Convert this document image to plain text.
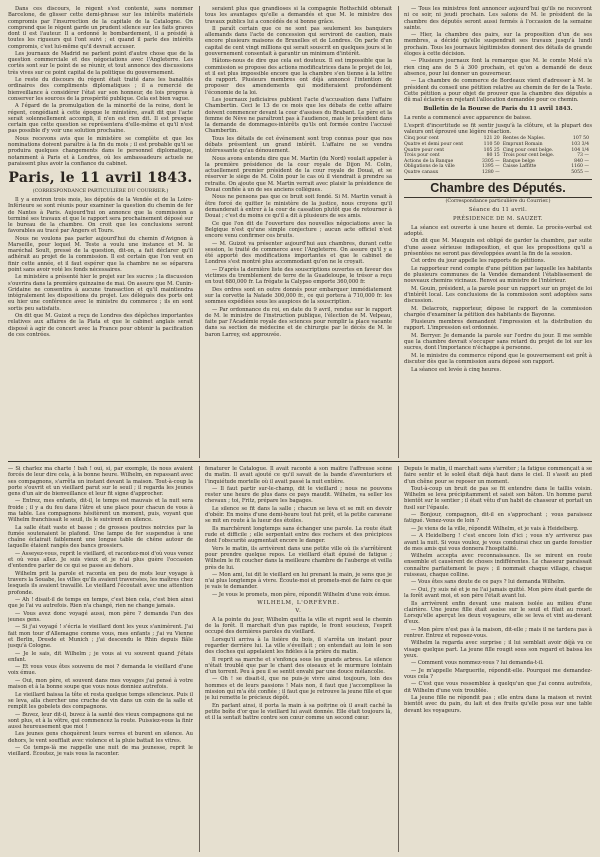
Dans ces discours, le régent s'est contenté, sans nommer Barcelone, de glisser cette demi-phrase sur les intérêts matériels compromis par l'insurrection de la capitale de la Catalogne. On comprend que le régent garde un prudent silence sur les faits graves dont il est l'auteur. Il a ordonné le bombardement, il a présidé à toutes les rigueurs qui l'ont suivi ; et quand il parle des intérêts compromis, c'est lui-même qu'il devrait accuser.

Les journaux de Madrid ne parlent point d'autre chose que de la question commerciale et des négociations avec l'Angleterre. Les cortès sont sur le point de se réunir, et tout annonce des discussions très vives sur ce point capital de la politique du gouvernement.

Le reste du discours du régent était traité dans les banalités ordinaires des compliments diplomatiques ; il a remercié de bienveillance à considérer l'état sur son honneur, de lois propres à conserver les sources de la prospérité publique. Cela est bien vague.

A l'égard de la promulgation de la minorité de la reine, dont le régent, congédiant à cette époque le ministère, avait dit que l'acte serait solennellement accompli, il n'en est rien dit. Il est presque certain que cette question se représentera d'elle-même et qu'il n'est pas possible d'y voir une solution prochaine.

Nous recevons avis que le ministère se complète et que les nominations doivent paraître à la fin du mois ; il est probable qu'il se produira quelques changements dans le personnel diplomatique, notamment à Paris et à Londres, où les ambassadeurs actuels ne paraissent plus avoir la confiance du cabinet.

Paris, le 11 avril 1843.
(CORRESPONDANCE PARTICULIÈRE DU COURRIER.)

Il y a environ trois mois, les députés de la Vendée et de la Loire-Inférieure se sont réunis pour examiner la question du chemin de fer de Nantes à Paris. Aujourd'hui on annonce que la commission a terminé ses travaux et que le rapport sera prochainement déposé sur le bureau de la chambre. On croit que les conclusions seront favorables au tracé par Angers et Tours.

Nous ne voulons pas parler aujourd'hui du chemin d'Avignon à Marseille, pour lequel M. Teste a voulu une instance et M. le maréchal Soult, pressé de la question, dit-on, a fait déclarer qu'il adhérait au projet de la commission. Il est certain que l'on veut en finir cette année, et il faut espérer que la chambre ne se séparera point sans avoir voté les fonds nécessaires.

Le ministère a présenté hier le projet sur les sucres ; la discussion s'ouvrira dans la première quinzaine de mai. On assure que M. Cunin-Gridaine ne consentira à aucune transaction et qu'il maintiendra intégralement les dispositions du projet. Les délégués des ports ont eu hier une conférence avec le ministre du commerce ; ils en sont sortis peu satisfaits.

On dit que M. Guizot a reçu de Londres des dépêches importantes relatives aux affaires de la Plata et que le cabinet anglais serait disposé à agir de concert avec la France pour obtenir la pacification de ces contrées.

seraient plus que grandioses si la compagnie Rothschild obtenait tous les avantages qu'elle a demandés et que M. le ministre des travaux publics lui a concédés de si bonne grâce.

Il paraît certain que ce ne sont pas seulement les banquiers allemands dans l'acte de concession qui serviront de caution, mais encore plusieurs maisons de Bruxelles et de Londres. On parle d'un capital de cent vingt millions qui serait souscrit en quelques jours si le gouvernement consentait à garantir un minimum d'intérêt.

Hâtons-nous de dire que cela est douteux. Il est impossible que la commission se propose des actions modificatrices dans le projet de loi, et il est plus impossible encore que la chambre s'en tienne à la lettre du rapport. Plusieurs membres ont déjà annoncé l'intention de proposer des amendements qui modifieraient profondément l'économie de la loi.

Les journaux judiciaires publient l'acte d'accusation dans l'affaire Chambertin. Ceci le 13 de ce mois que les débats de cette affaire doivent commencer devant la cour d'assises du Brabant. Le père et la femme de Nève ne paraîtront pas à l'audience, mais le président dans la demande de dommages-intérêts qu'ils ont formée contre l'accusé Chambertin.

Tous les détails de cet événement sont trop connus pour que nos débats présentent un grand intérêt. L'affaire ne se vendra intéressante qu'au dénouement.

Nous avons entendu dire que M. Martin (du Nord) voulait appeler à la première présidence de la cour royale de Dijon M. Colin, actuellement premier président de la cour royale de Douai, et se réserver le siège de M. Colin pour le cas où il viendrait à prendre sa retraite. On ajoute que M. Martin verrait avec plaisir la présidence de Douai confiée à un de ses anciens collègues.

Nous ne pensons pas que ce bruit soit fondé. Si M. Martin venait à être forcé de quitter le ministère de la justice, nous croyons qu'il demanderait à entrer à la cour de cassation plutôt que de retourner à Douai ; c'est du moins ce qu'il a dit à plusieurs de ses amis.

Ce que l'on dit de l'ouverture des nouvelles négociations avec la Belgique n'est qu'une simple conjecture ; aucun acte officiel n'est encore venu confirmer ces bruits.

— M. Guizot va présenter aujourd'hui aux chambres, durant cette session, le traité de commerce avec l'Angleterre. On assure qu'il y a été apporté des modifications importantes et que le cabinet de Londres s'est montré plus accommodant qu'on ne le croyait.

— D'après la dernière liste des souscriptions ouvertes en faveur des victimes du tremblement de terre de la Guadeloupe, le trésor a reçu en tout 680,000 fr. La frégate la Calypso emporte 360,000 fr.

Des ordres sont en outre donnés pour embarquer immédiatement sur la corvette la Naïade 300,000 fr., ce qui portera à 710,000 fr. les sommes expédiées sous les auspices de la souscription.

— Par ordonnance du roi, en date du 9 avril, rendue sur le rapport de M. le ministre de l'instruction publique, l'élection de M. Velpeau, faite par l'Académie royale des sciences pour remplir la place vacante dans sa section de médecine et de chirurgie par le décès de M. le baron Larrey, est approuvée.

— Tous les ministres font annoncer aujourd'hui qu'ils ne recevront ni ce soir, ni jeudi prochain. Les salons de M. le président de la chambre des députés seront aussi fermés à l'occasion de la semaine sainte.

— Hier, la chambre des pairs, sur la proposition d'un de ses membres, a décidé qu'elle suspendrait ses travaux jusqu'à lundi prochain. Tous les journaux légitimistes donnent des détails de grande éloges à cette décision.

— Plusieurs journaux font la remarque que M. le comte Molé n'a rien cinq ans de 5 à 300 prochain, et qu'on a demandé de deux absence, pour lui donner un gouverneur.

— La chambre de commerce de Bordeaux vient d'adresser à M. le président du conseil une pétition relative au chemin de fer de la Teste. Cette pétition a pour objet de prouver que la chambre des députés a dû mal éclairée en rejetant l'allocation demandée pour ce chemin.

Bulletin de la Bourse de Paris du 11 avril 1843.

La rente a commencé avec apparence de baisse.

L'esprit d'incertitude se fit sentir jusqu'à la clôture, et la plupart des valeurs ont éprouvé une légère réaction.

Cinq pour cent	121 20	Rentes de Naples.	107 50
Quatre et demi pour cent	110 50	Emprunt Romain	103 3/4
Quatre pour cent	105 25	Cinq pour cent belge.	104 1/4
Trois pour cent	80 15	Trois pour cent belge.	73 —
Actions de la Banque	3305 —	Banque belge	840 —
Obligations de la ville	1395 —	Caisse Laffitte	1160 —
Quatre canaux	1280 —		5055 —
Chambre des Députés.
(Correspondance particulière du Courrier.)
Séance du 11 avril.
PRÉSIDENCE DE M. SAUZET.

La séance est ouverte à une heure et demie. Le procès-verbal est adopté.

On dit que M. Mauguin est obligé de garder la chambre, par suite d'une assez sérieuse indisposition, et que les propositions qu'il a présentées ne seront pas développées avant la fin de la session.

Cet ordre du jour appelle les rapports de pétitions.

Le rapporteur rend compte d'une pétition par laquelle les habitants de plusieurs communes de la Vendée demandent l'établissement de nouveaux chemins vicinaux. Renvoi au ministre de l'intérieur.

M. Gouin, président, a la parole pour un rapport sur un projet de loi d'intérêt local. Les conclusions de la commission sont adoptées sans discussion.

M. Delacroix, rapporteur, dépose le rapport de la commission chargée d'examiner la pétition des habitants de Bayonne.

Plusieurs membres demandent l'impression et la distribution du rapport. L'impression est ordonnée.

M. Berryer. Je demande la parole sur l'ordre du jour. Il me semble que la chambre devrait s'occuper sans retard du projet de loi sur les sucres, dont l'importance n'échappe à personne.

M. le ministre du commerce répond que le gouvernement est prêt à discuter dès que la commission aura déposé son rapport.

La séance est levée à cinq heures.

— Si charlez ma charte ! bah ! oui, si, par exemple, ils nous avaient forcés de leur dire cela, à la bonne heure. Wilhelm, en repassant avec ses compagnons, s'arrêta un instant devant la maison. Tout-à-coup la porte s'ouvrit et un vieillard parut sur le seuil ; il regarda les jeunes gens d'un air de bienveillance et leur fit signe d'approcher.

— Entrez, mes enfants, dit-il, le temps est mauvais et la nuit sera froide ; il y a du feu dans l'âtre et une place pour chacun de vous à ma table. Les compagnons hésitèrent un moment, puis, voyant que Wilhelm franchissait le seuil, ils le suivirent en silence.

La salle était vaste et basse ; de grosses poutres noircies par la fumée soutenaient le plafond. Une lampe de fer suspendue à une chaîne éclairait faiblement une longue table de chêne autour de laquelle étaient rangés des bancs grossiers.

— Asseyez-vous, reprit le vieillard, et racontez-moi d'où vous venez et où vous allez. Je suis vieux et je n'ai plus guère l'occasion d'entendre parler de ce qui se passe au dehors.

Wilhelm prit la parole et raconta en peu de mots leur voyage à travers la Souabe, les villes qu'ils avaient traversées, les maîtres chez lesquels ils avaient travaillé. Le vieillard l'écoutait avec une attention profonde.

— Ah ! disait-il de temps en temps, c'est bien cela, c'est bien ainsi que je l'ai vu autrefois. Rien n'a changé, rien ne change jamais.

— Vous avez donc voyagé aussi, mon père ? demanda l'un des jeunes gens.

— Si j'ai voyagé ! s'écria le vieillard dont les yeux s'animèrent. J'ai fait mon tour d'Allemagne comme vous, mes enfants ; j'ai vu Vienne et Berlin, Dresde et Munich ; j'ai descendu le Rhin depuis Bâle jusqu'à Cologne.

— Je le sais, dit Wilhelm ; je vous ai vu souvent quand j'étais enfant.

— Et vous vous êtes souvenu de moi ? demanda le vieillard d'une voix émue.

— Oui, mon père, et souvent dans mes voyages j'ai pensé à votre maison et à la bonne soupe que vous nous donniez autrefois.

Le vieillard baissa la tête et resta quelque temps silencieux. Puis il se leva, alla chercher une cruche de vin dans un coin de la salle et remplit les gobelets des compagnons.

— Buvez, leur dit-il, buvez à la santé des vieux compagnons qui ne sont plus, et à la vôtre, qui commencez la route. Puissiez-vous la finir aussi heureusement que moi !

Les jeunes gens choquèrent leurs verres et burent en silence. Au dehors, le vent soufflait avec violence et la pluie battait les vitres.

— Ce temps-là me rappelle une nuit de ma jeunesse, reprit le vieillard. Écoutez, je vais vous la raconter.

fenaturer le Catalogue. Il avait raconté à son maître l'affreuse scène du matin. Il avait ajouté ce qu'il savait de la bande d'aventuriers et l'inquiétude mortelle où il avait passé la nuit entière.

— Il faut partir sur-le-champ, dit le vieillard ; nous ne pouvons rester une heure de plus dans ce pays maudit. Wilhelm, va seller les chevaux ; toi, Fritz, prépare les bagages.

Le silence se fit dans la salle ; chacun se leva et se mit en devoir d'obéir. En moins d'une demi-heure tout fut prêt, et la petite caravane se mit en route à la lueur des étoiles.

Ils marchèrent longtemps sans échanger une parole. La route était rude et difficile ; elle serpentait entre des rochers et des précipices dont l'obscurité augmentait encore le danger.

Vers le matin, ils arrivèrent dans une petite ville où ils s'arrêtèrent pour prendre quelque repos. Le vieillard était épuisé de fatigue ; Wilhelm le fit coucher dans la meilleure chambre de l'auberge et veilla près de lui.

— Mon ami, lui dit le vieillard en lui prenant la main, je sens que je n'ai plus longtemps à vivre. Écoute-moi et promets-moi de faire ce que je vais te demander.

— Je vous le promets, mon père, répondit Wilhelm d'une voix émue.

WILHELM, L'ORFÈVRE.
V.

A la pointe du jour, Wilhelm quitta la ville et reprit seul le chemin de la forêt. Il marchait d'un pas rapide, le front soucieux, l'esprit occupé des dernières paroles du vieillard.

Lorsqu'il arriva à la lisière du bois, il s'arrêta un instant pour regarder derrière lui. La ville s'éveillait ; on entendait au loin le son des cloches qui appelaient les fidèles à la prière du matin.

Il reprit sa marche et s'enfonça sous les grands arbres. Le silence n'était troublé que par le chant des oiseaux et le murmure lointain d'un torrent. Peu à peu il se sentit envahi par une douce mélancolie.

— Oh ! se disait-il, que ne puis-je vivre ainsi toujours, loin des hommes et de leurs passions ! Mais non, il faut que j'accomplisse la mission qui m'a été confiée ; il faut que je retrouve la jeune fille et que je lui remette le précieux dépôt.

En parlant ainsi, il porta la main à sa poitrine où il avait caché la petite boîte d'or que le vieillard lui avait donnée. Elle était toujours là, et il la sentait battre contre son cœur comme un second cœur.

Depuis le matin, il marchait sans s'arrêter ; la fatigue commençait à se faire sentir et le soleil était déjà haut dans le ciel. Il s'assit au pied d'un chêne pour se reposer un moment.

Tout-à-coup un bruit de pas se fit entendre dans le taillis voisin. Wilhelm se leva précipitamment et saisit son bâton. Un homme parut bientôt sur le sentier ; il était vêtu d'un habit de chasseur et portait un fusil sur l'épaule.

— Bonjour, compagnon, dit-il en s'approchant ; vous paraissez fatigué. Venez-vous de loin ?

— Je viens de la ville, répondit Wilhelm, et je vais à Heidelberg.

— A Heidelberg ! c'est encore loin d'ici ; vous n'y arriverez pas avant la nuit. Si vous voulez, je vous conduirai chez un garde forestier de mes amis qui vous donnera l'hospitalité.

Wilhelm accepta avec reconnaissance. Ils se mirent en route ensemble et causèrent de choses indifférentes. Le chasseur paraissait connaître parfaitement le pays ; il nommait chaque village, chaque ruisseau, chaque colline.

— Vous êtes sans doute de ce pays ? lui demanda Wilhelm.

— Oui, j'y suis né et je ne l'ai jamais quitté. Mon père était garde de la forêt avant moi, et son père l'était avant lui.

Ils arrivèrent enfin devant une maison isolée au milieu d'une clairière. Une jeune fille était assise sur le seuil et filait au rouet. Lorsqu'elle aperçut les deux voyageurs, elle se leva et vint au-devant d'eux.

— Mon père n'est pas à la maison, dit-elle ; mais il ne tardera pas à rentrer. Entrez et reposez-vous.

Wilhelm la regarda avec surprise ; il lui semblait avoir déjà vu ce visage quelque part. La jeune fille rougit sous son regard et baissa les yeux.

— Comment vous nommez-vous ? lui demanda-t-il.

— Je m'appelle Marguerite, répondit-elle. Pourquoi me demandez-vous cela ?

— C'est que vous ressemblez à quelqu'un que j'ai connu autrefois, dit Wilhelm d'une voix troublée.

La jeune fille ne répondit pas ; elle entra dans la maison et revint bientôt avec du pain, du lait et des fruits qu'elle posa sur une table devant les voyageurs.
